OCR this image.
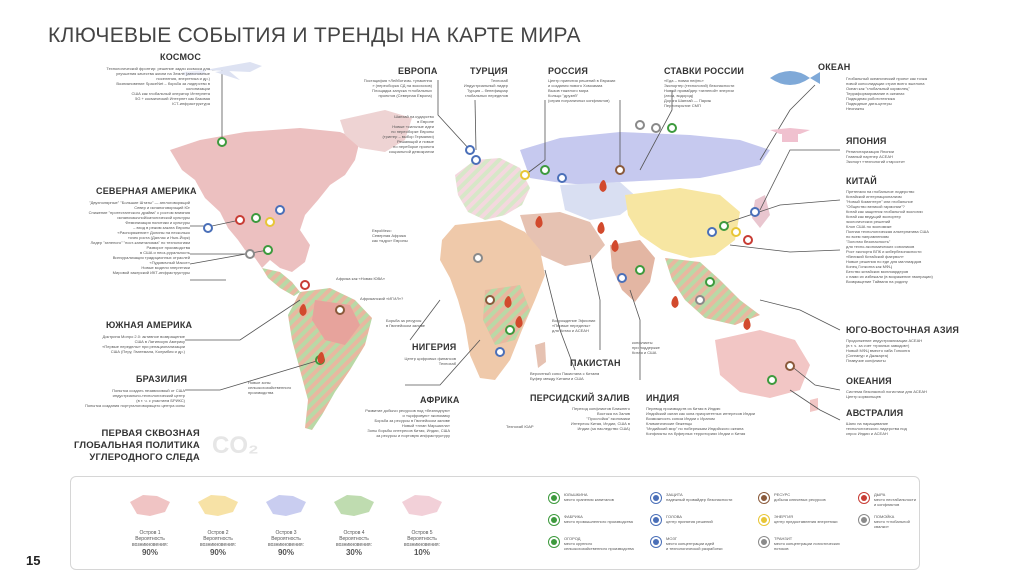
КЛЮЧЕВЫЕ СОБЫТИЯ И ТРЕНДЫ НА КАРТЕ МИРА
КОСМОС
Технологический фронтир: решение задач космоса для
улучшения качества жизни на Земле (автономные
поселения, энергетика и др.)
Возникновение SpaceNet – борьба за лидерство в
колонизации
США как глобальный оператор Интернета
5G + космический Интернет как базовая
ICT-инфраструктура
СЕВЕРНАЯ АМЕРИКА
"Двухполярные" "Большие Штаты" — англоговорящий
Север и испаноговорящий Юг
Снижение "протестантского драйва" с ростом влияния
испаноязычной/католической культуры
Феминизация политики и культуры
– вход в режим заката Европы
«Распоряжение» Долины на несколько
точек роста (Даллас и Нью-Йорк)
Лидер "зеленого" "пост-капитализма" по технологиям
Разворот производства
в США и неоз-руральность
Винчурализация традиционных отраслей
«Пудовичный Массе»
Новые модели энергетики
Мировой хакерский ИКТ-инфраструктуры
ЮЖНАЯ АМЕРИКА
Доктрина Монро 2.0: активное возвращение
США в Латинскую Америку
«Первые переделы» при ренационализации
США (Перу, Гватемала, Колумбия и др.)
БРАЗИЛИЯ
Попытка создать независимый от США
индустриально-технологический центр
(в т. ч. с участием БРИКС)
Попытка создания португалоговорящего центра силы
ПЕРВАЯ СКВОЗНАЯ
ГЛОБАЛЬНАЯ ПОЛИТИКА
УГЛЕРОДНОГО СЛЕДА CO₂
ЕВРОПА
Постацифия «Лейботизм- тунакенна
» (переоборка СД на экосхохов)
Площадка запуска «глобальных
проектов (Северная Европа)
Шанхай на кударство
в Европе
Новые «сильные идеи
по переоборке Европы
(триггер – выбор Германии)
Решающий и новые
по переборке проекта
социальной демократии
ТУРЦИЯ
Технохаб
Индустриальный лидер
Турция – бенефициар
глобальных переделов
РОССИЯ
Центр принятия решений в Евразии
и создания нового Хомоамиа
Вызов тяжелого мира
Кольцо "друзей"
(серия пограничных конфликтов)
СТАВКИ РОССИИ
«Еда – новая нефть»
Экспортер (технологий) безопасности
Новый провайдер «зеленой» энергии
(атом, водород)
Дорога Шанхай — Париж
Переоткрытие СМП
ОКЕАН
Глобальный океанический проект как точка
новой консолидации стран всего эшелона
Океан как "глобальный кормилец"
Терраформирование в океанах
Подводная робототехника
Подводные дата-центры
Неопакты
ЯПОНИЯ
Ренилитаризация Японии
Главный партнер АСЕАН
Экспорт «технологий старости»
КИТАЙ
Претензия на глобальное лидерство
Китайский интернационализм
"Новый Коминтерн" или глобальное
"Общество великой гармонии"?
Китай как защитник глобальной экологии
Китай как ведущий экспортер
экологических решений
Клон США по экономике
Полная технологическая альтернатива США
по всем направлениям
"Золотая безопасность"
для техно-экономических союзников
Рост экспорта ВПК и кибербезопасности
«Великий Китайский фаервол»
Новые решения по еде для миллиардов
Конец Гонконга как МФЦ
Бегство китайских миллиардеров
с нами их избежали (в возражение эмиграции)
Возвращение Тайваня на родину
ЮГО-ВОСТОЧНАЯ АЗИЯ
Продолжение индустриализации АСЕАН
(в т. ч. за счет «грязных заводов»)
Новый МФЦ вместо хаба Гонконга
(Сингапур и Джакарта)
Плавучие конфликты
ОКЕАНИЯ
Система безопасной логистики для АСЕАН
Центр кормильцев
АВСТРАЛИЯ
Шанс на наращивание
технологического лидерства под
спрос Индии и АСЕАН
АФРИКА
Развитие добычи ресурсов под «безлюдную»
и «цифровую» экономику
Борьба за ресурсы в Гвинейском заливе
Новый «план Маршалла»
Зоны борьбы интересов Китая, Индии, США
за ресурсы и портовую инфраструктуру
НИГЕРИЯ
Центр цифровых финансов
Технохаб	ПАКИСТАН
Вероятный союз Пакистана с Китаем
Буфер между Китаем и США
ПЕРСИДСКИЙ ЗАЛИВ
Переход конфликтов Ближнего
Востока на Залив
"Прослойка" экономики
Интересы Китая, Индии, США в
Индии (за наследство США)
ИНДИЯ
Перевод производств из Китая в Индию
Индийский океан как зона приоритетных интересов Индии
Возможность союза Индии с Ираном
Климатические беженцы
"Индийский мир" по побережьям Индийского океана
Конфликты на буферных территориях Индии и Китая
Африка как «Новая ЮВА»
Африканский «ИГИЛ»?
ЕвроМекс:
Северная Африка
как «ядро» Европы
Борьба за ресурсы
в Гвинейском заливе
Новые зоны
сельскохозяйственного
производства
Возрождение Эфиопии
«Первые переделы»
для Китая и АСЕАН
Технохаб ЮАР
конфликты
при поддержке
Китая и США
Остров 1
Вероятность возникновения:
90%
Остров 2
Вероятность возникновения:
90%
Остров 3
Вероятность возникновения:
90%
Остров 4
Вероятность возникновения:
30%
Остров 5
Вероятность возникновения:
10%
ЮЛЬШКИНА
место хранения капиталов
ФАБРИКА
место промышленного производства
ОГОРОД
место крупного
сельскохозяйственного производства
ЗАЩИТА
надежный провайдер безопасности
ГОЛОВА
центр принятия решений
МОЗГ
место концентрации идей
и технологической разработки
РЕСУРС
добыча ключевых ресурсов
ЭНЕРГИЯ
центр предоставления энергетики
ТРАНЗИТ
место концентрации логистических
потоков
ДЫРА
место нестабильности
и конфликтов
ПОМОЙКА
место «глобальной
свалки»
15
